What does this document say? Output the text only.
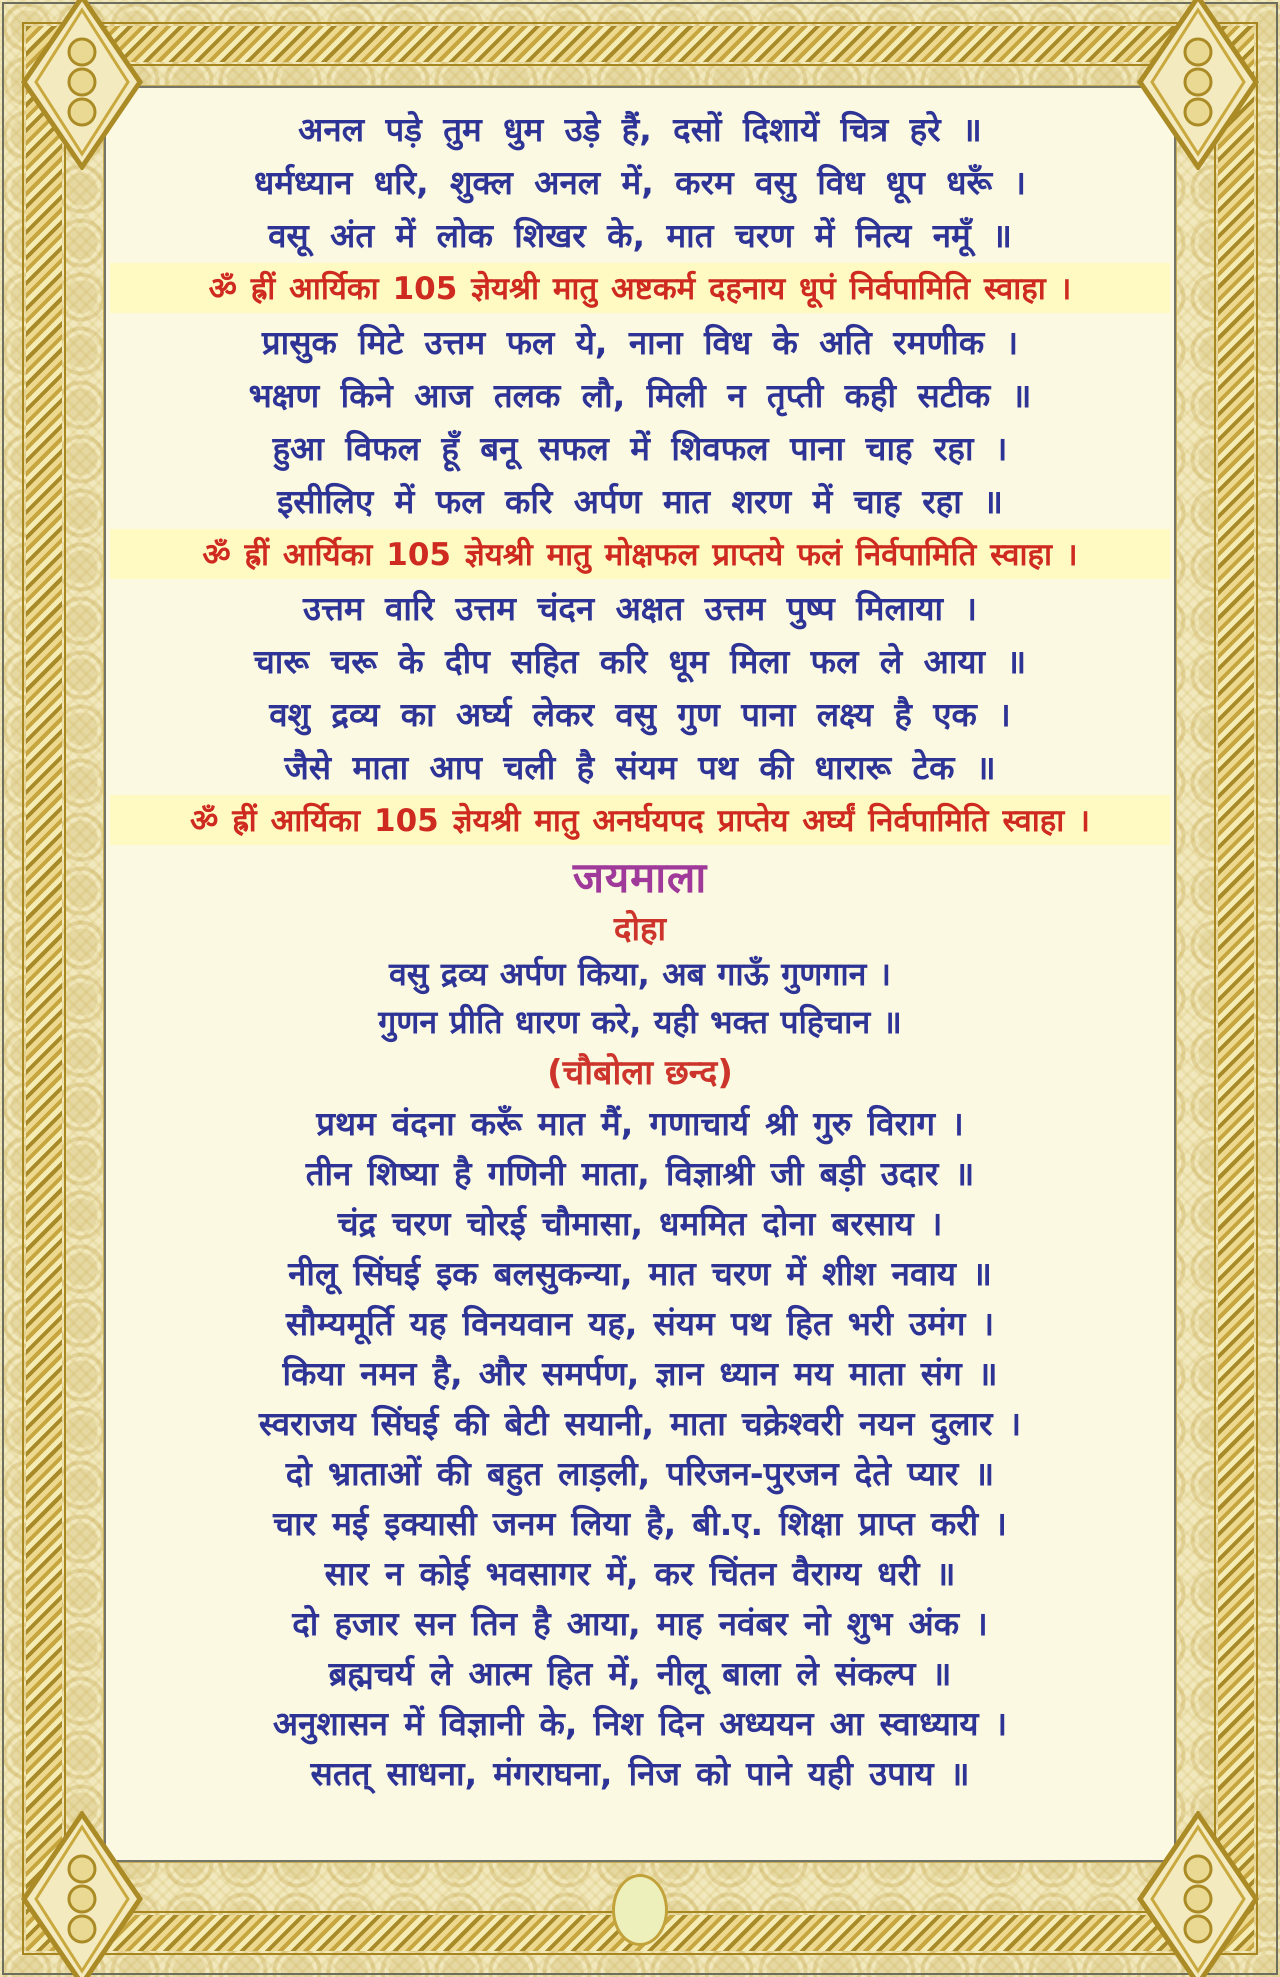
अनल पड़े तुम धुम उड़े हैं, दसों दिशायें चित्र हरे ॥
धर्मध्यान धरि, शुक्ल अनल में, करम वसु विध धूप धरूँ ।
वसू अंत में लोक शिखर के, मात चरण में नित्य नमूँ ॥
ॐ ह्रीं आर्यिका 105 ज्ञेयश्री मातु अष्टकर्म दहनाय धूपं निर्वपामिति स्वाहा ।
प्रासुक मिटे उत्तम फल ये, नाना विध के अति रमणीक ।
भक्षण किने आज तलक लौ, मिली न तृप्ती कही सटीक ॥
हुआ विफल हूँ बनू सफल में शिवफल पाना चाह रहा ।
इसीलिए में फल करि अर्पण मात शरण में चाह रहा ॥
ॐ ह्रीं आर्यिका 105 ज्ञेयश्री मातु मोक्षफल प्राप्तये फलं निर्वपामिति स्वाहा ।
उत्तम वारि उत्तम चंदन अक्षत उत्तम पुष्प मिलाया ।
चारू चरू के दीप सहित करि धूम मिला फल ले आया ॥
वशु द्रव्य का अर्घ्य लेकर वसु गुण पाना लक्ष्य है एक ।
जैसे माता आप चली है संयम पथ की धारारू टेक ॥
ॐ ह्रीं आर्यिका 105 ज्ञेयश्री मातु अनर्घयपद प्राप्तेय अर्घ्यं निर्वपामिति स्वाहा ।
जयमाला
दोहा
वसु द्रव्य अर्पण किया, अब गाऊँ गुणगान ।
गुणन प्रीति धारण करे, यही भक्त पहिचान ॥
(चौबोला छन्द)
प्रथम वंदना करूँ मात मैं, गणाचार्य श्री गुरु विराग ।
तीन शिष्या है गणिनी माता, विज्ञाश्री जी बड़ी उदार ॥
चंद्र चरण चोरई चौमासा, धममित दोना बरसाय ।
नीलू सिंघई इक बलसुकन्या, मात चरण में शीश नवाय ॥
सौम्यमूर्ति यह विनयवान यह, संयम पथ हित भरी उमंग ।
किया नमन है, और समर्पण, ज्ञान ध्यान मय माता संग ॥
स्वराजय सिंघई की बेटी सयानी, माता चक्रेश्वरी नयन दुलार ।
दो भ्राताओं की बहुत लाड़ली, परिजन-पुरजन देते प्यार ॥
चार मई इक्यासी जनम लिया है, बी.ए. शिक्षा प्राप्त करी ।
सार न कोई भवसागर में, कर चिंतन वैराग्य धरी ॥
दो हजार सन तिन है आया, माह नवंबर नो शुभ अंक ।
ब्रह्मचर्य ले आत्म हित में, नीलू बाला ले संकल्प ॥
अनुशासन में विज्ञानी के, निश दिन अध्ययन आ स्वाध्याय ।
सतत् साधना, मंगराघना, निज को पाने यही उपाय ॥
